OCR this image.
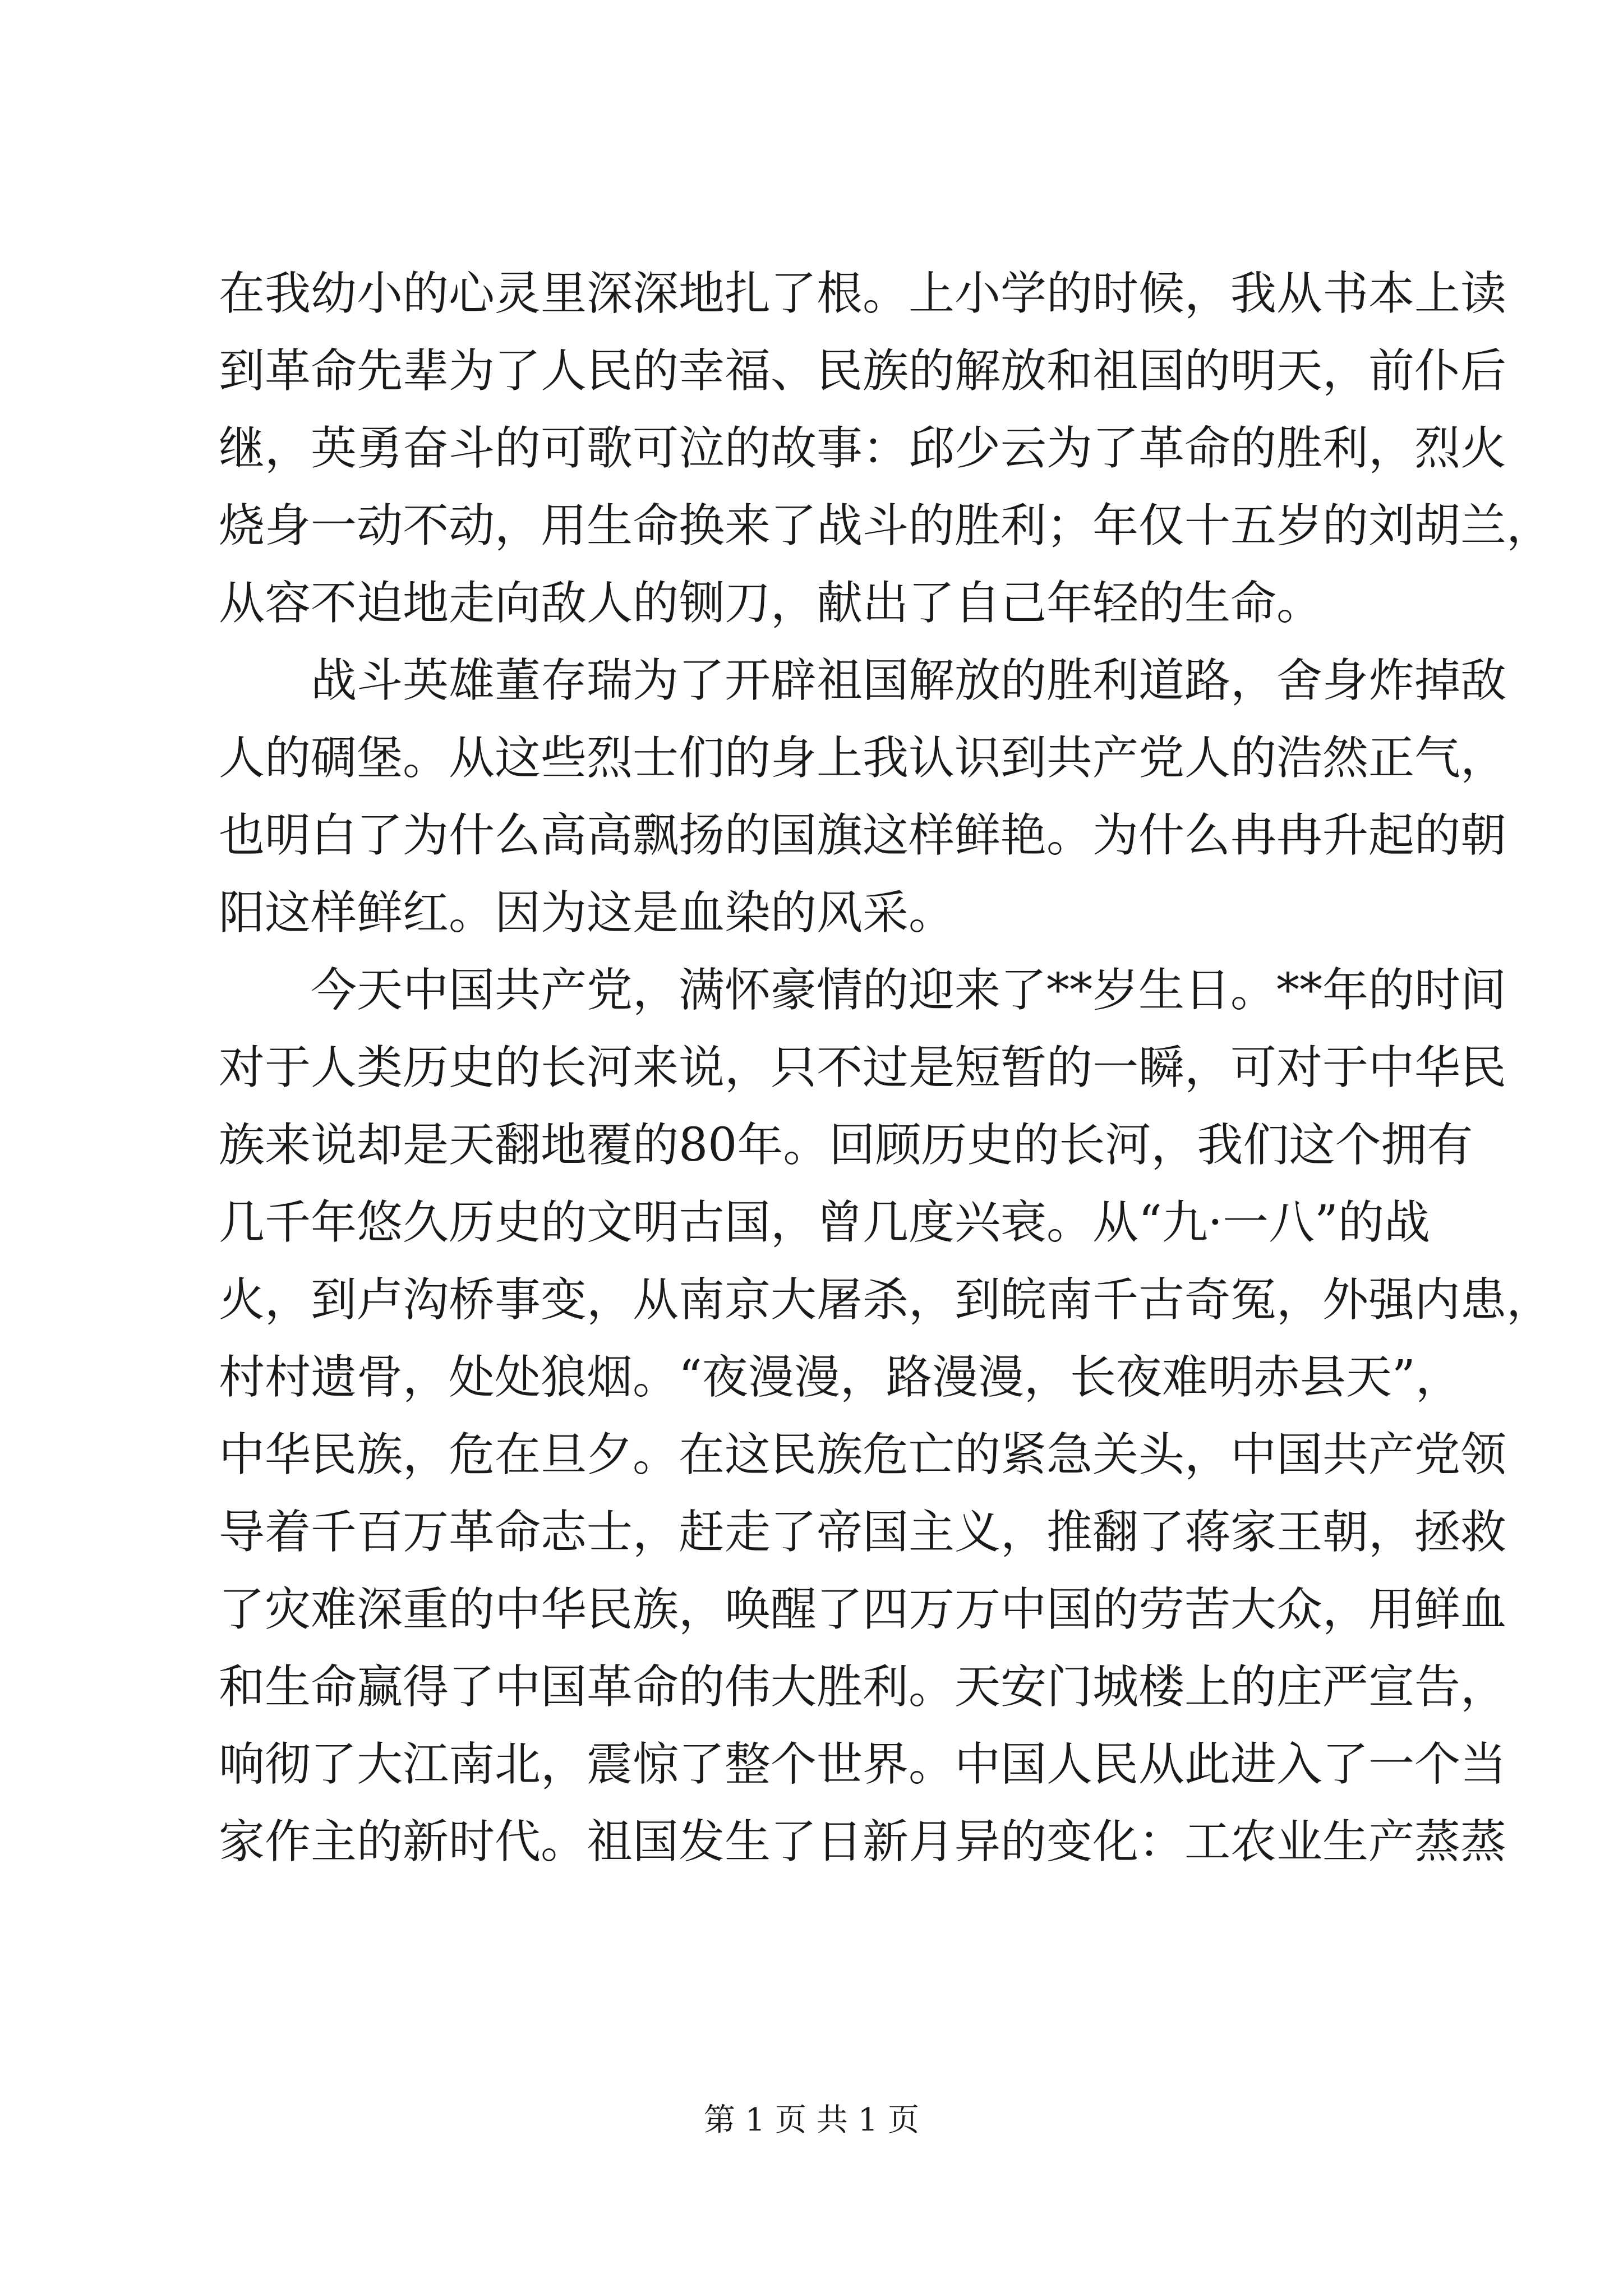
在我幼小的心灵里深深地扎了根。上小学的时候，我从书本上读
到革命先辈为了人民的幸福、民族的解放和祖国的明天，前仆后
继，英勇奋斗的可歌可泣的故事：邱少云为了革命的胜利，烈火
烧身一动不动，用生命换来了战斗的胜利；年仅十五岁的刘胡兰，
从容不迫地走向敌人的铡刀，献出了自己年轻的生命。
战斗英雄董存瑞为了开辟祖国解放的胜利道路，舍身炸掉敌
人的碉堡。从这些烈士们的身上我认识到共产党人的浩然正气，
也明白了为什么高高飘扬的国旗这样鲜艳。为什么冉冉升起的朝
阳这样鲜红。因为这是血染的风采。
今天中国共产党，满怀豪情的迎来了**岁生日。**年的时间
对于人类历史的长河来说，只不过是短暂的一瞬，可对于中华民
族来说却是天翻地覆的80年。回顾历史的长河，我们这个拥有
几千年悠久历史的文明古国，曾几度兴衰。从“九·一八”的战
火，到卢沟桥事变，从南京大屠杀，到皖南千古奇冤，外强内患，
村村遗骨，处处狼烟。“夜漫漫，路漫漫，长夜难明赤县天”，
中华民族，危在旦夕。在这民族危亡的紧急关头，中国共产党领
导着千百万革命志士，赶走了帝国主义，推翻了蒋家王朝，拯救
了灾难深重的中华民族，唤醒了四万万中国的劳苦大众，用鲜血
和生命赢得了中国革命的伟大胜利。天安门城楼上的庄严宣告，
响彻了大江南北，震惊了整个世界。中国人民从此进入了一个当
家作主的新时代。祖国发生了日新月异的变化：工农业生产蒸蒸
第 1 页 共 1 页
